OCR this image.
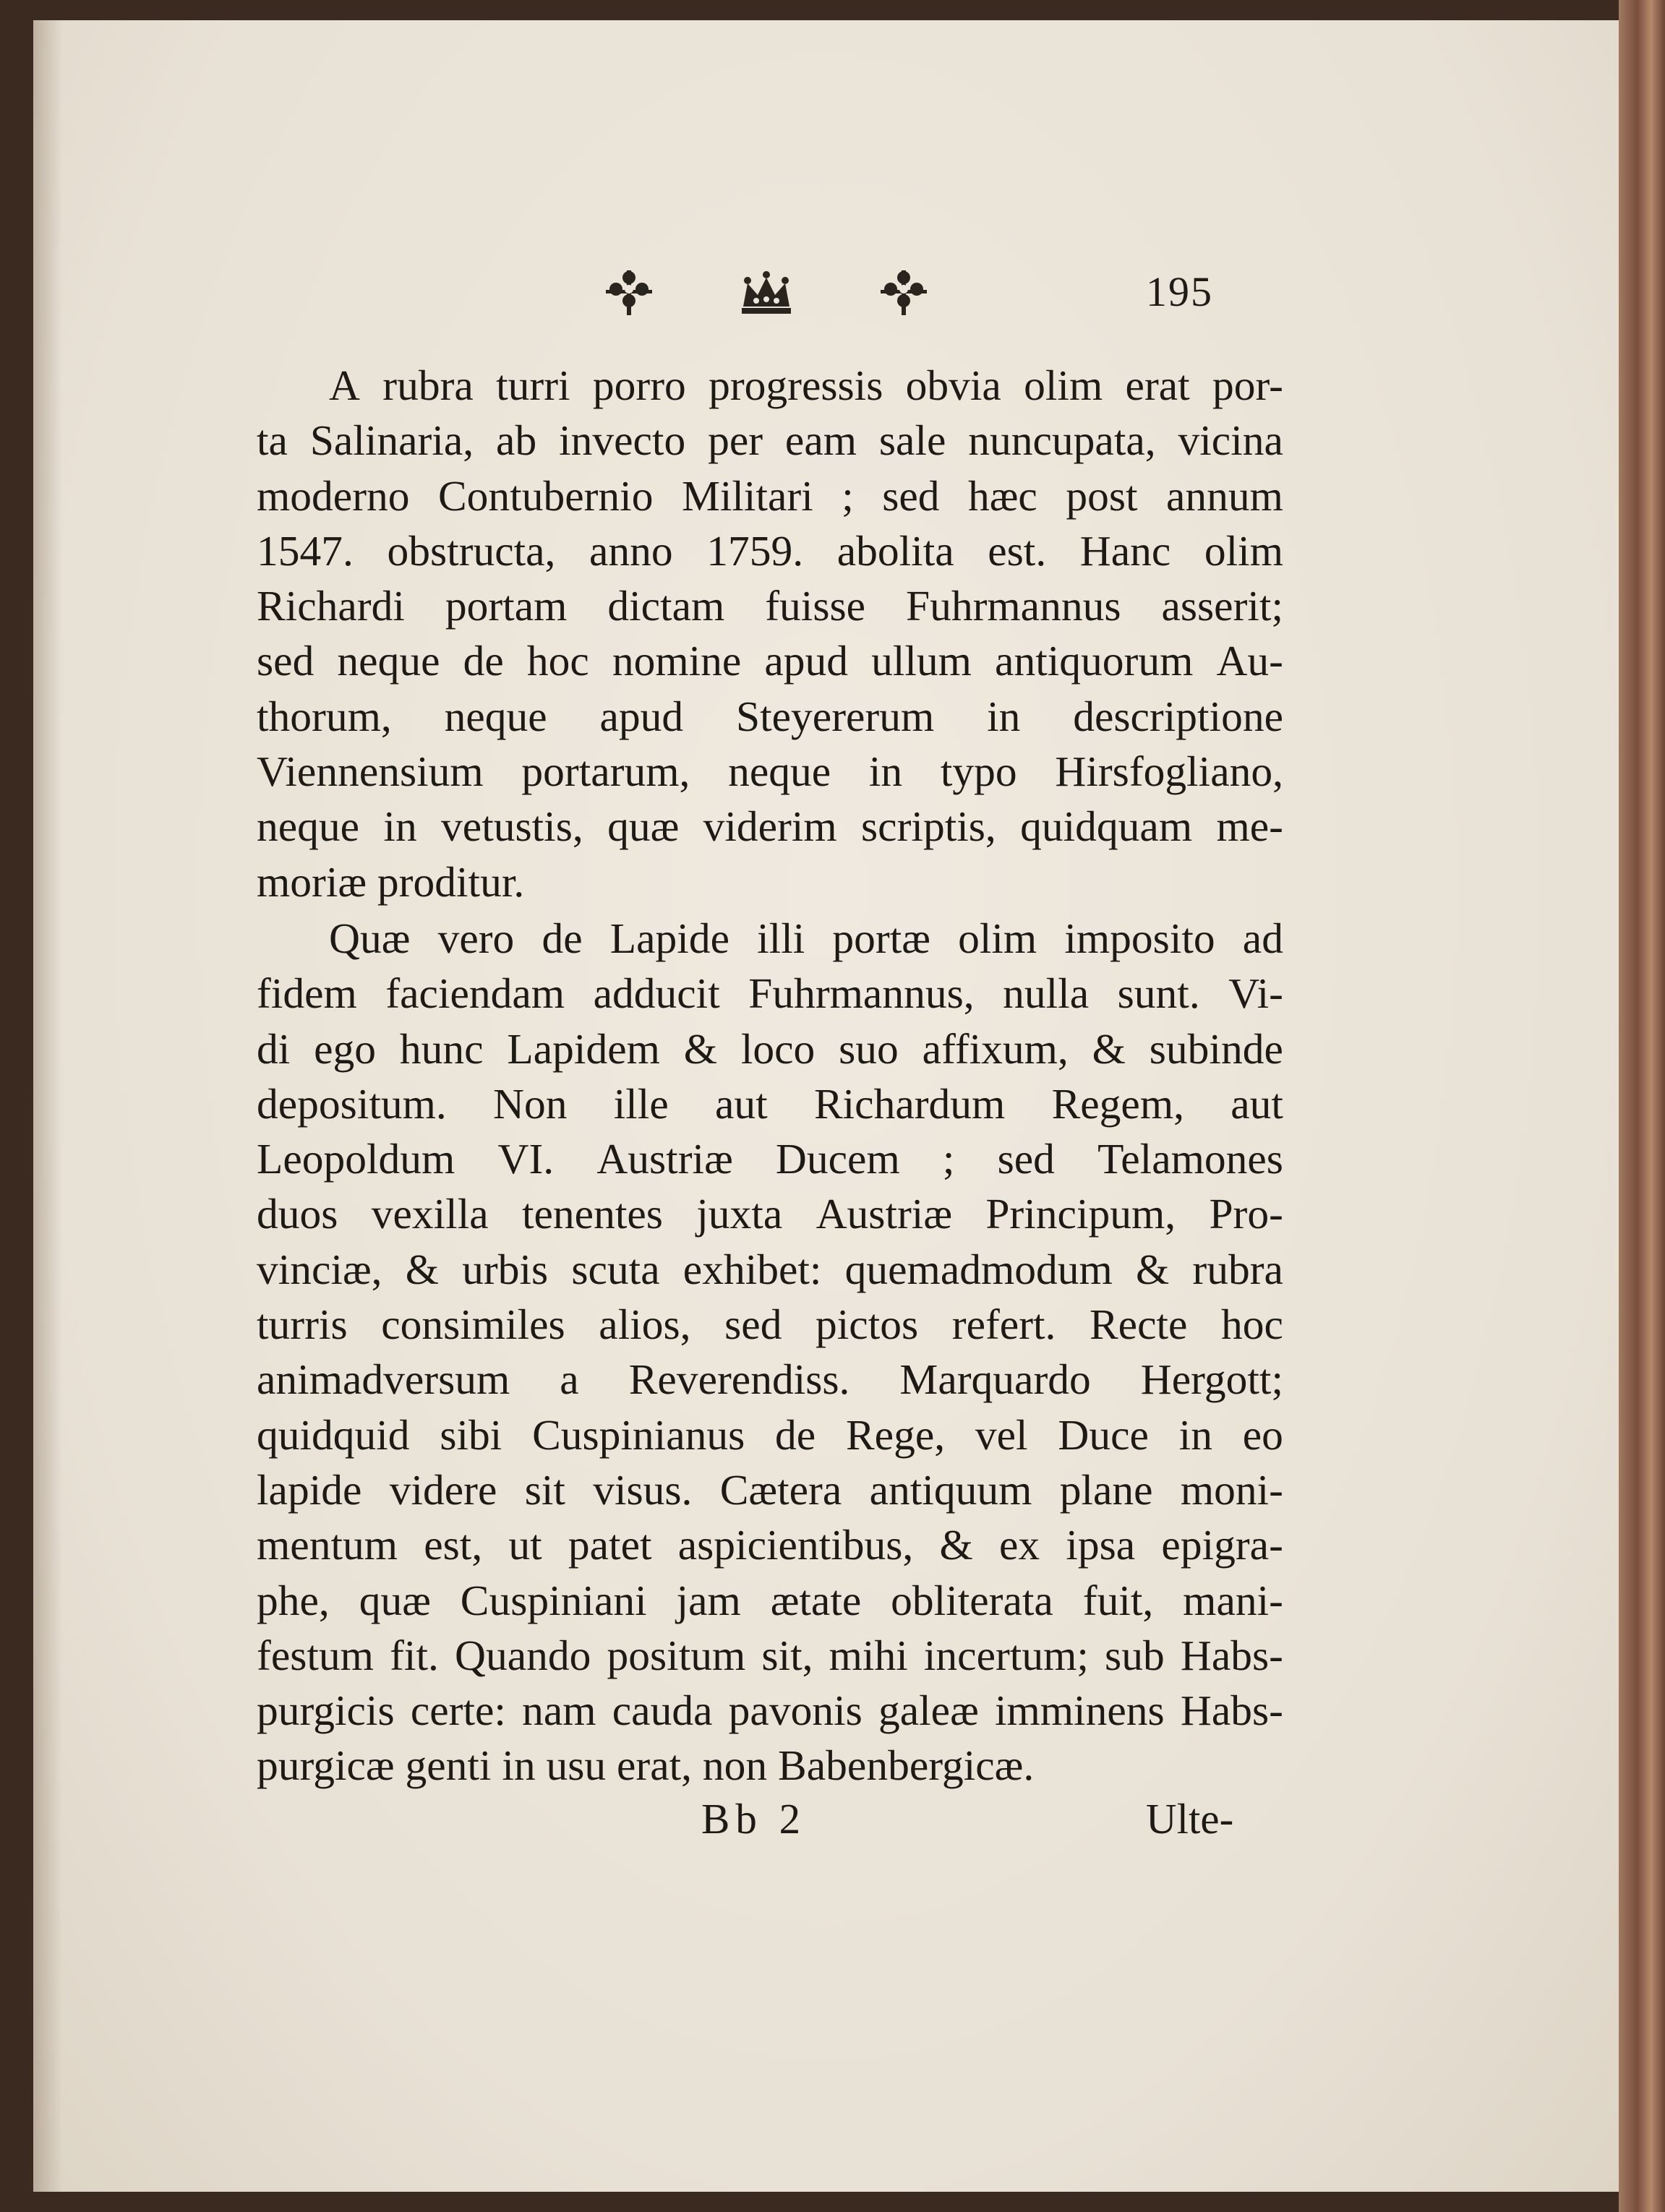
195
A rubra turri porro progressis obvia olim erat por-
ta Salinaria, ab invecto per eam sale nuncupata, vicina
moderno Contubernio Militari ; sed hæc post annum
1547. obstructa, anno 1759. abolita est. Hanc olim
Richardi portam dictam fuisse Fuhrmannus asserit;
sed neque de hoc nomine apud ullum antiquorum Au-
thorum, neque apud Steyererum in descriptione
Viennensium portarum, neque in typo Hirsfogliano,
neque in vetustis, quæ viderim scriptis, quidquam me-
moriæ proditur.
Quæ vero de Lapide illi portæ olim imposito ad
fidem faciendam adducit Fuhrmannus, nulla sunt. Vi-
di ego hunc Lapidem & loco suo affixum, & subinde
depositum. Non ille aut Richardum Regem, aut
Leopoldum VI. Austriæ Ducem ; sed Telamones
duos vexilla tenentes juxta Austriæ Principum, Pro-
vinciæ, & urbis scuta exhibet: quemadmodum & rubra
turris consimiles alios, sed pictos refert. Recte hoc
animadversum a Reverendiss. Marquardo Hergott;
quidquid sibi Cuspinianus de Rege, vel Duce in eo
lapide videre sit visus. Cætera antiquum plane moni-
mentum est, ut patet aspicientibus, & ex ipsa epigra-
phe, quæ Cuspiniani jam ætate obliterata fuit, mani-
festum fit. Quando positum sit, mihi incertum; sub Habs-
purgicis certe: nam cauda pavonis galeæ imminens Habs-
purgicæ genti in usu erat, non Babenbergicæ.
Bb 2	Ulte-
